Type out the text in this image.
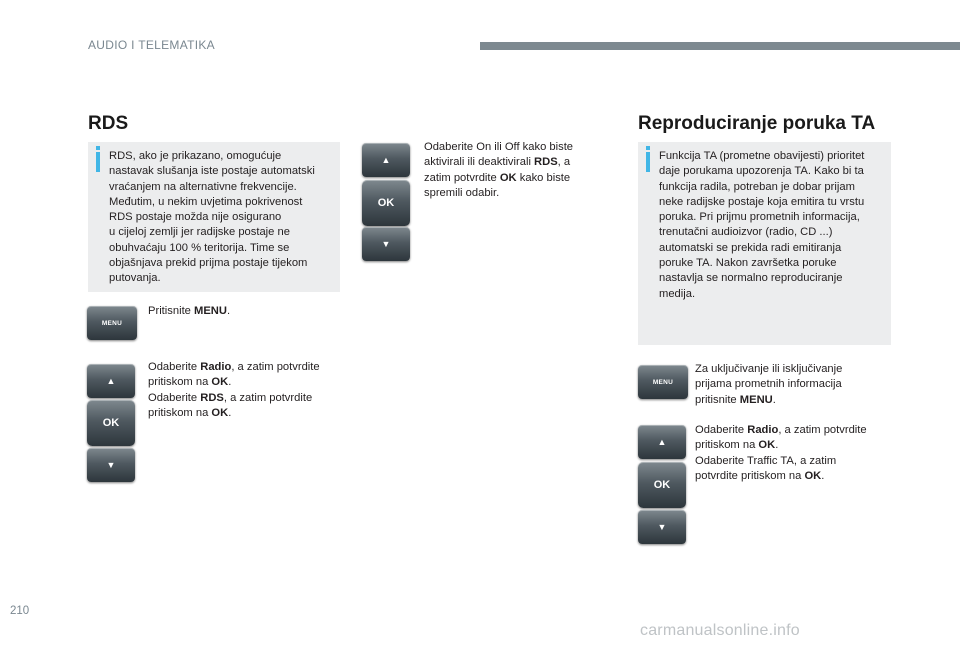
AUDIO I TELEMATIKA
RDS
RDS, ako je prikazano, omogućuje
nastavak slušanja iste postaje automatski
vraćanjem na alternativne frekvencije.
Međutim, u nekim uvjetima pokrivenost
RDS postaje možda nije osigurano
u cijeloj zemlji jer radijske postaje ne
obuhvaćaju 100 % teritorija. Time se
objašnjava prekid prijma postaje tijekom
putovanja.
MENU
Pritisnite MENU.
▲
OK
▼
Odaberite Radio, a zatim potvrdite
pritiskom na OK.
Odaberite RDS, a zatim potvrdite
pritiskom na OK.
▲
OK
▼
Odaberite On ili Off kako biste
aktivirali ili deaktivirali RDS, a
zatim potvrdite OK kako biste
spremili odabir.
Reproduciranje poruka TA
Funkcija TA (prometne obavijesti) prioritet
daje porukama upozorenja TA. Kako bi ta
funkcija radila, potreban je dobar prijam
neke radijske postaje koja emitira tu vrstu
poruka. Pri prijmu prometnih informacija,
trenutačni audioizvor (radio, CD ...)
automatski se prekida radi emitiranja
poruke TA. Nakon završetka poruke
nastavlja se normalno reproduciranje
medija.
MENU
Za uključivanje ili isključivanje
prijama prometnih informacija
pritisnite MENU.
▲
OK
▼
Odaberite Radio, a zatim potvrdite
pritiskom na OK.
Odaberite Traffic TA, a zatim
potvrdite pritiskom na OK.
210
carmanualsonline.info
